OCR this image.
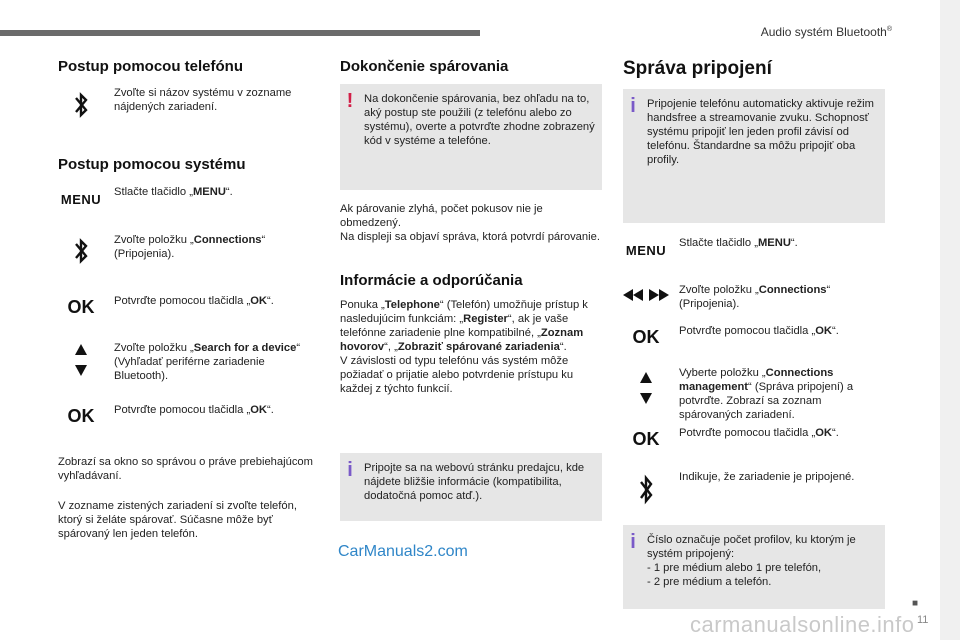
Audio systém Bluetooth®
■
11
CarManuals2.com
carmanualsonline.info
Postup pomocou telefónu
Zvoľte si názov systému v zozname nájdených zariadení.
Postup pomocou systému
MENU Stlačte tlačidlo „MENU“.
Zvoľte položku „Connections“ (Pripojenia).
OK	Potvrďte pomocou tlačidla „OK“.
Zvoľte položku „Search for a device“ (Vyhľadať periférne zariadenie Bluetooth).
OK	Potvrďte pomocou tlačidla „OK“.
Zobrazí sa okno so správou o práve prebiehajúcom vyhľadávaní.
V zozname zistených zariadení si zvoľte telefón, ktorý si želáte spárovať. Súčasne môže byť spárovaný len jeden telefón.
Dokončenie spárovania
! Na dokončenie spárovania, bez ohľadu na to, aký postup ste použili (z telefónu alebo zo systému), overte a potvrďte zhodne zobrazený kód v systéme a telefóne.
Ak párovanie zlyhá, počet pokusov nie je obmedzený.
Na displeji sa objaví správa, ktorá potvrdí párovanie.
Informácie a odporúčania
Ponuka „Telephone“ (Telefón) umožňuje prístup k nasledujúcim funkciám: „Register“, ak je vaše telefónne zariadenie plne kompatibilné, „Zoznam hovorov“, „Zobraziť spárované zariadenia“.
V závislosti od typu telefónu vás systém môže požiadať o prijatie alebo potvrdenie prístupu ku každej z týchto funkcií.
i Pripojte sa na webovú stránku predajcu, kde nájdete bližšie informácie (kompatibilita, dodatočná pomoc atď.).
Správa pripojení
i Pripojenie telefónu automaticky aktivuje režim handsfree a streamovanie zvuku. Schopnosť systému pripojiť len jeden profil závisí od telefónu. Štandardne sa môžu pripojiť oba profily.
MENU Stlačte tlačidlo „MENU“.
Zvoľte položku „Connections“ (Pripojenia).
OK	Potvrďte pomocou tlačidla „OK“.
Vyberte položku „Connections management“ (Správa pripojení) a potvrďte. Zobrazí sa zoznam spárovaných zariadení.
OK	Potvrďte pomocou tlačidla „OK“.
Indikuje, že zariadenie je pripojené.
i Číslo označuje počet profilov, ku ktorým je systém pripojený:
- 1 pre médium alebo 1 pre telefón,
- 2 pre médium a telefón.
